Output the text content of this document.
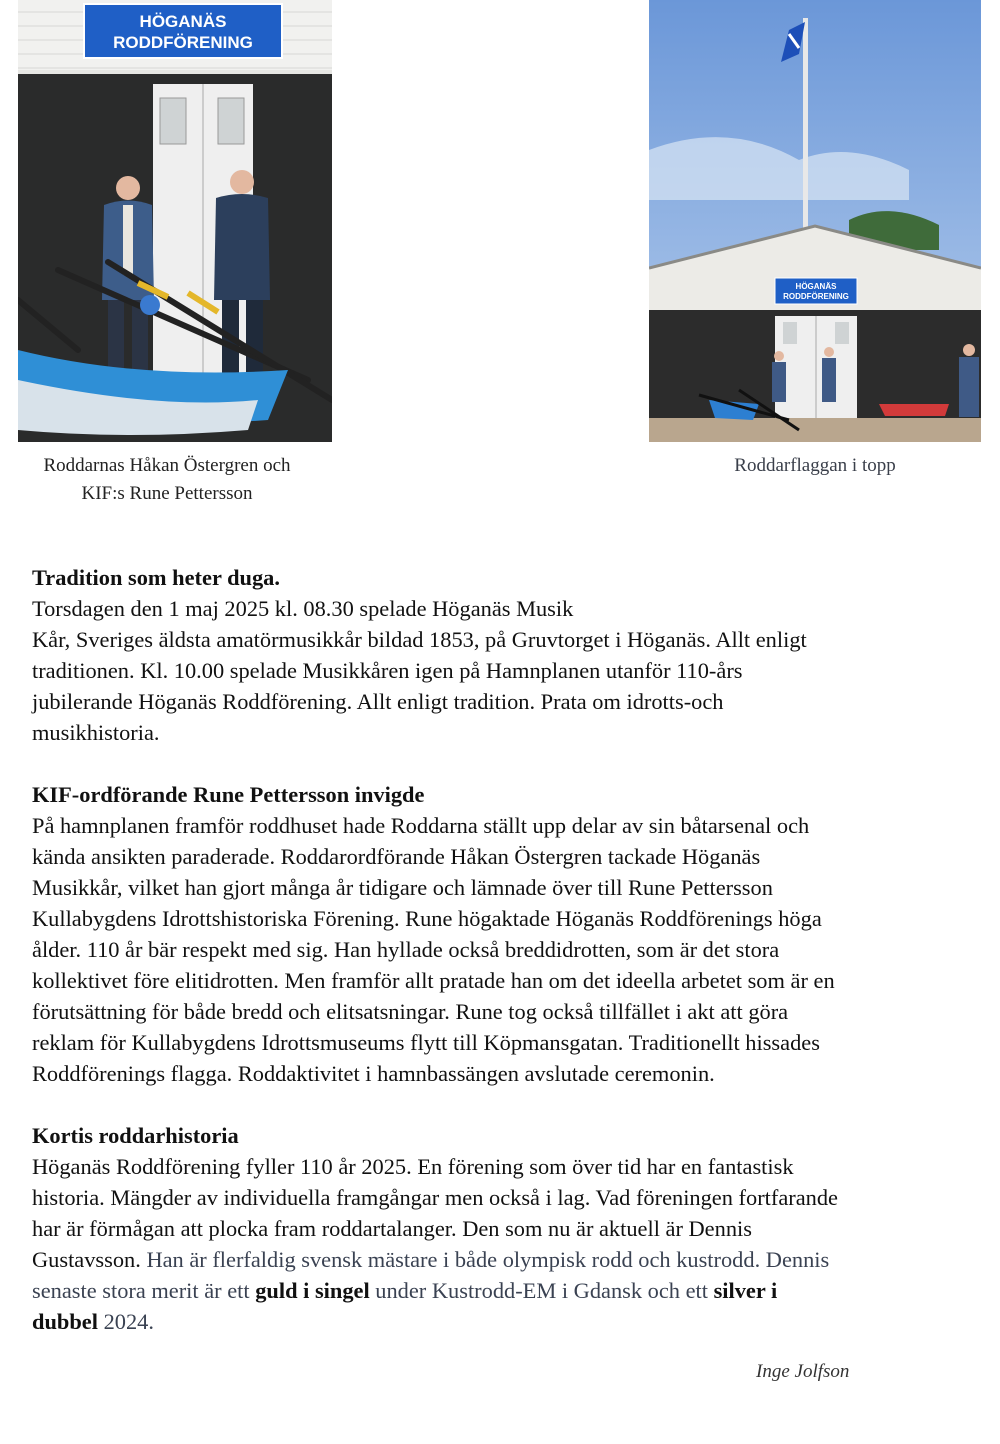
HÖGANÄS
RODDFÖRENING
Roddarnas Håkan Östergren och
KIF:s Rune Pettersson
HÖGANÄS
RODDFÖRENING
Roddarflaggan i topp
Tradition som heter duga.
Torsdagen den 1 maj 2025 kl. 08.30 spelade Höganäs Musik
Kår, Sveriges äldsta amatörmusikkår bildad 1853, på Gruvtorget i Höganäs. Allt enligt
traditionen. Kl. 10.00 spelade Musikkåren igen på Hamnplanen utanför 110-års
jubilerande Höganäs Roddförening. Allt enligt tradition. Prata om idrotts-och
musikhistoria.
KIF-ordförande Rune Pettersson invigde
På hamnplanen framför roddhuset hade Roddarna ställt upp delar av sin båtarsenal och
kända ansikten paraderade. Roddarordförande Håkan Östergren tackade Höganäs
Musikkår, vilket han gjort många år tidigare och lämnade över till Rune Pettersson
Kullabygdens Idrottshistoriska Förening. Rune högaktade Höganäs Roddförenings höga
ålder. 110 år bär respekt med sig. Han hyllade också breddidrotten, som är det stora
kollektivet före elitidrotten. Men framför allt pratade han om det ideella arbetet som är en
förutsättning för både bredd och elitsatsningar. Rune tog också tillfället i akt att göra
reklam för Kullabygdens Idrottsmuseums flytt till Köpmansgatan. Traditionellt hissades
Roddförenings flagga. Roddaktivitet i hamnbassängen avslutade ceremonin.
Kortis roddarhistoria
Höganäs Roddförening fyller 110 år 2025. En förening som över tid har en fantastisk
historia. Mängder av individuella framgångar men också i lag. Vad föreningen fortfarande
har är förmågan att plocka fram roddartalanger. Den som nu är aktuell är Dennis
Gustavsson. Han är flerfaldig svensk mästare i både olympisk rodd och kustrodd. Dennis
senaste stora merit är ett guld i singel under Kustrodd-EM i Gdansk och ett silver i
dubbel 2024.
Inge Jolfson
